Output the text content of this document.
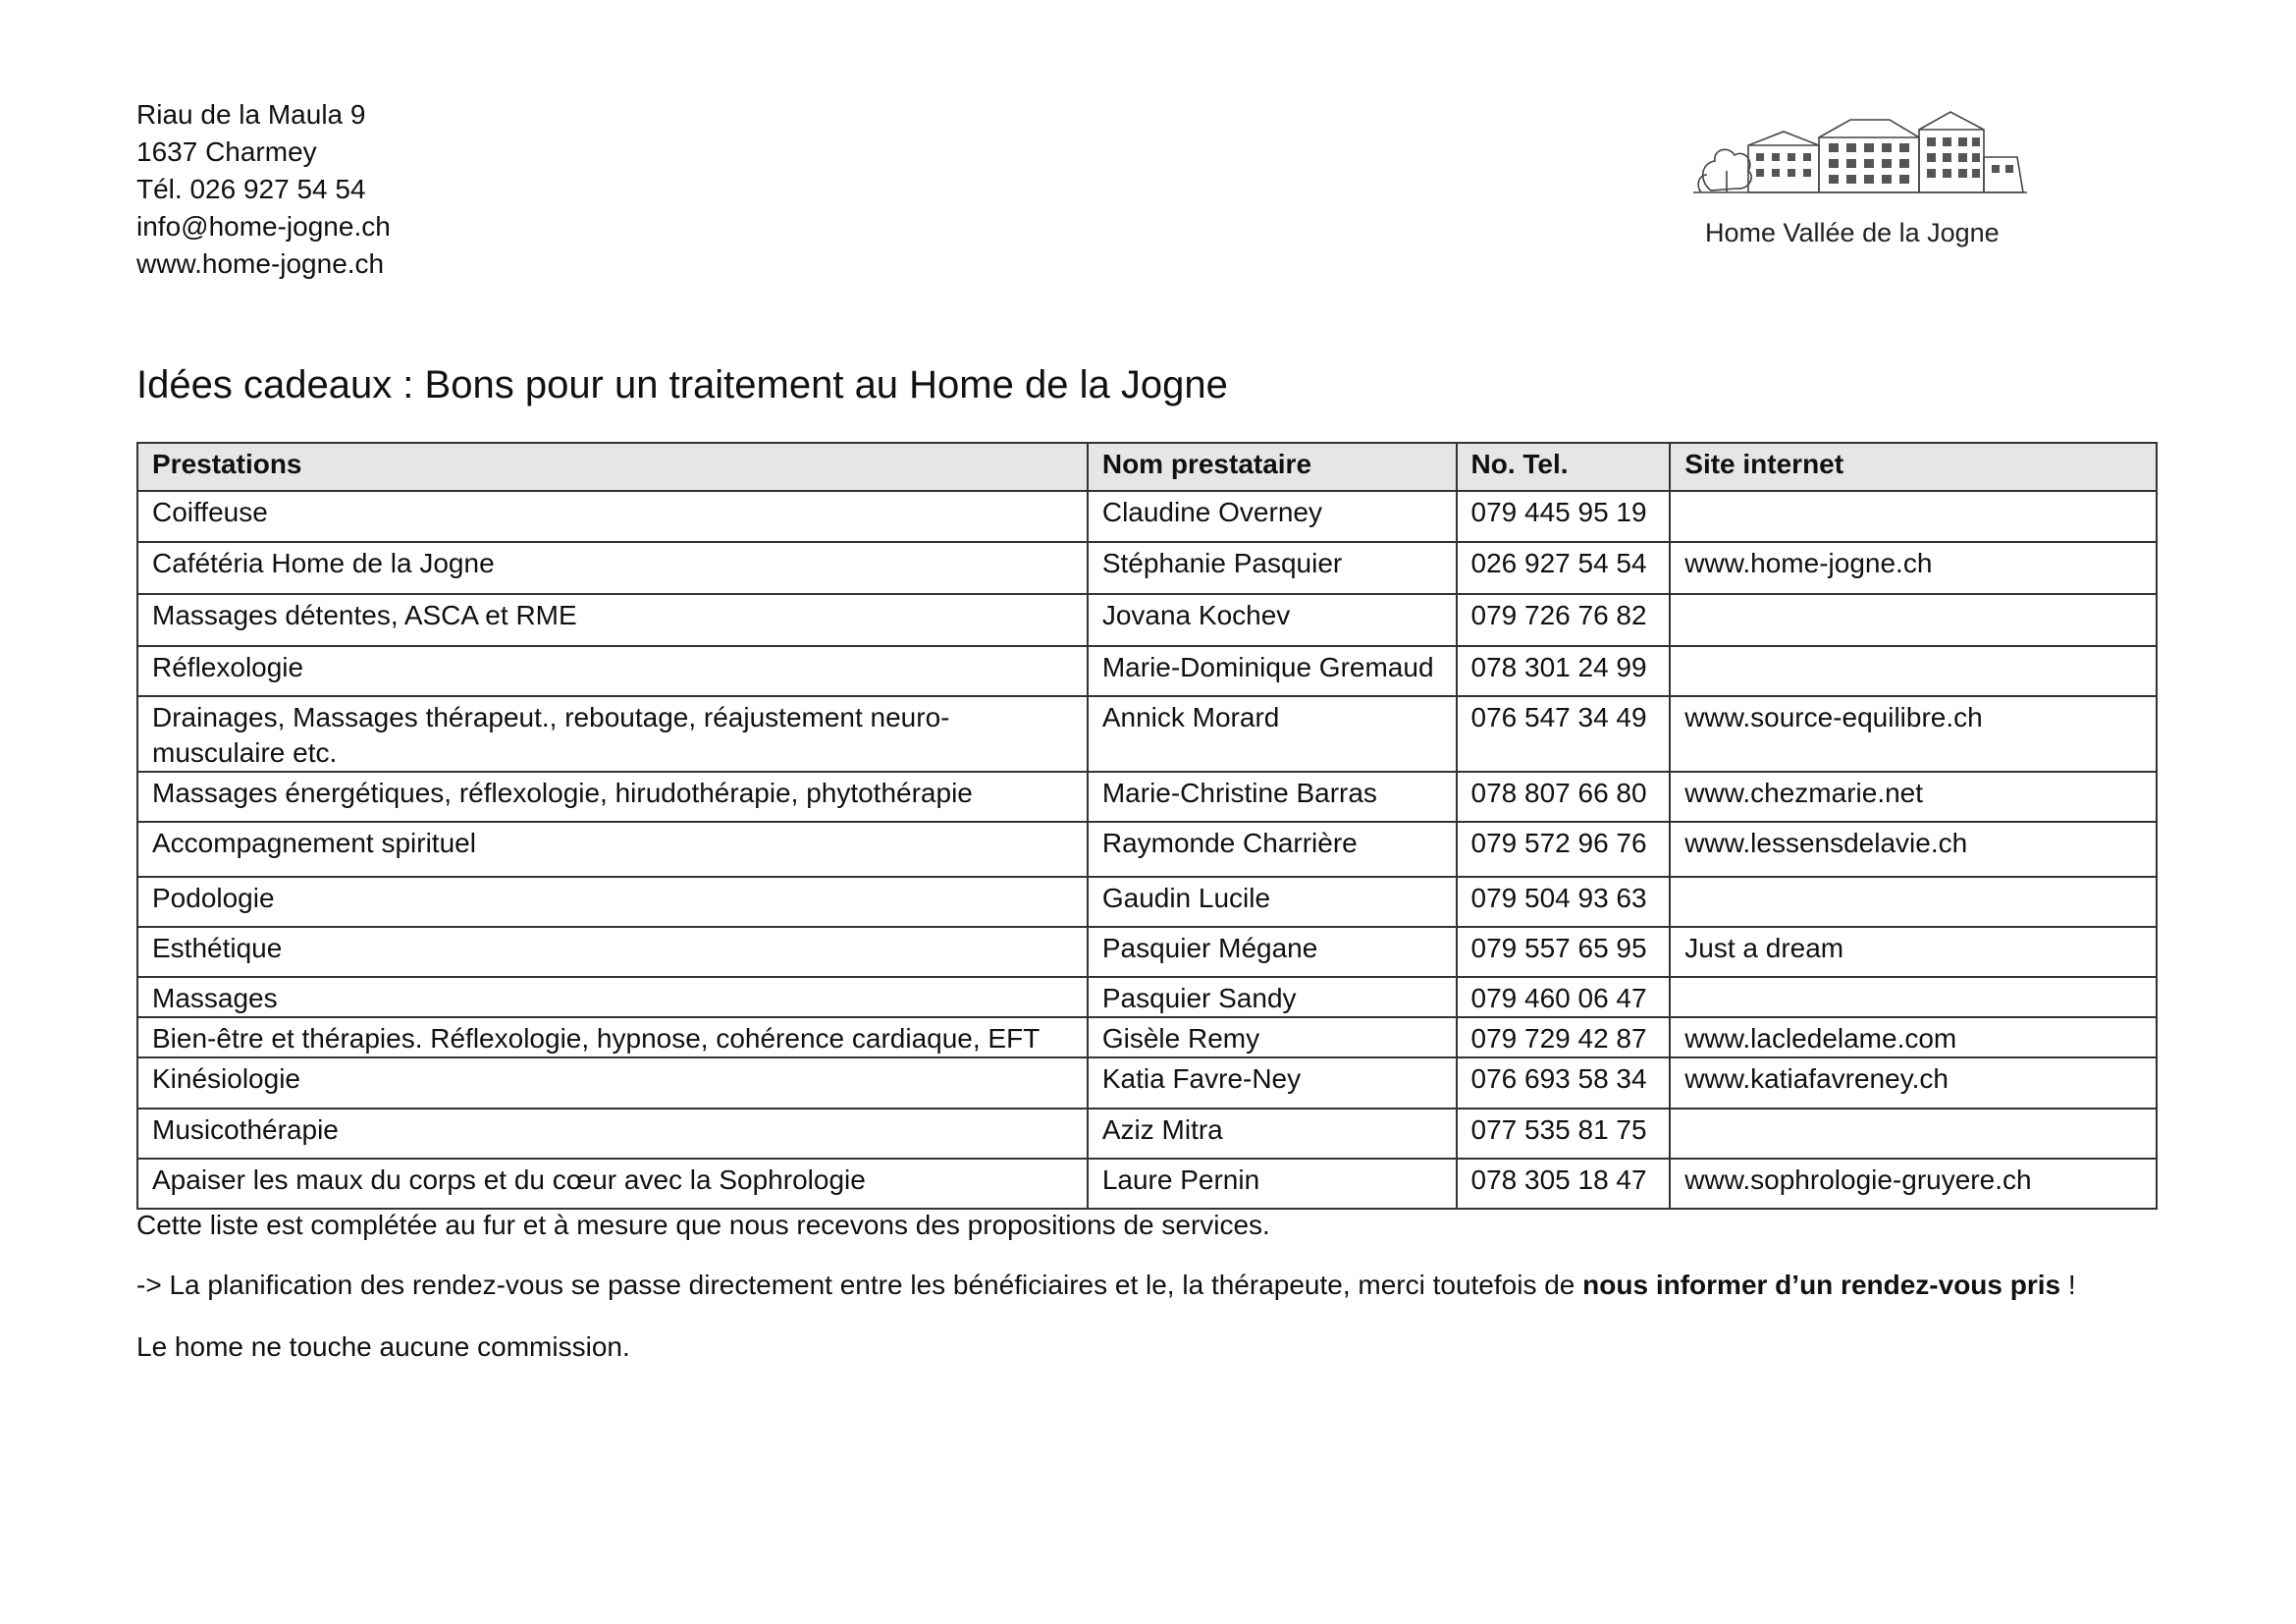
Riau de la Maula 9
1637 Charmey
Tél. 026 927 54 54
info@home-jogne.ch
www.home-jogne.ch
Home Vallée de la Jogne
Idées cadeaux : Bons pour un traitement au Home de la Jogne
Prestations	Nom prestataire	No. Tel.	Site internet
Coiffeuse	Claudine Overney	079 445 95 19	
Cafétéria Home de la Jogne	Stéphanie Pasquier	026 927 54 54	www.home-jogne.ch
Massages détentes, ASCA et RME	Jovana Kochev	079 726 76 82	
Réflexologie	Marie-Dominique Gremaud	078 301 24 99	
Drainages, Massages thérapeut., reboutage, réajustement neuro-musculaire etc.	Annick Morard	076 547 34 49	www.source-equilibre.ch
Massages énergétiques, réflexologie, hirudothérapie, phytothérapie	Marie-Christine Barras	078 807 66 80	www.chezmarie.net
Accompagnement spirituel	Raymonde Charrière	079 572 96 76	www.lessensdelavie.ch
Podologie	Gaudin Lucile	079 504 93 63	
Esthétique	Pasquier Mégane	079 557 65 95	Just a dream
Massages	Pasquier Sandy	079 460 06 47	
Bien-être et thérapies. Réflexologie, hypnose, cohérence cardiaque, EFT	Gisèle Remy	079 729 42 87	www.lacledelame.com
Kinésiologie	Katia Favre-Ney	076 693 58 34	www.katiafavreney.ch
Musicothérapie	Aziz Mitra	077 535 81 75	
Apaiser les maux du corps et du cœur avec la Sophrologie	Laure Pernin	078 305 18 47	www.sophrologie-gruyere.ch

Cette liste est complétée au fur et à mesure que nous recevons des propositions de services.

-> La planification des rendez-vous se passe directement entre les bénéficiaires et le, la thérapeute, merci toutefois de nous informer d’un rendez-vous pris !

Le home ne touche aucune commission.
